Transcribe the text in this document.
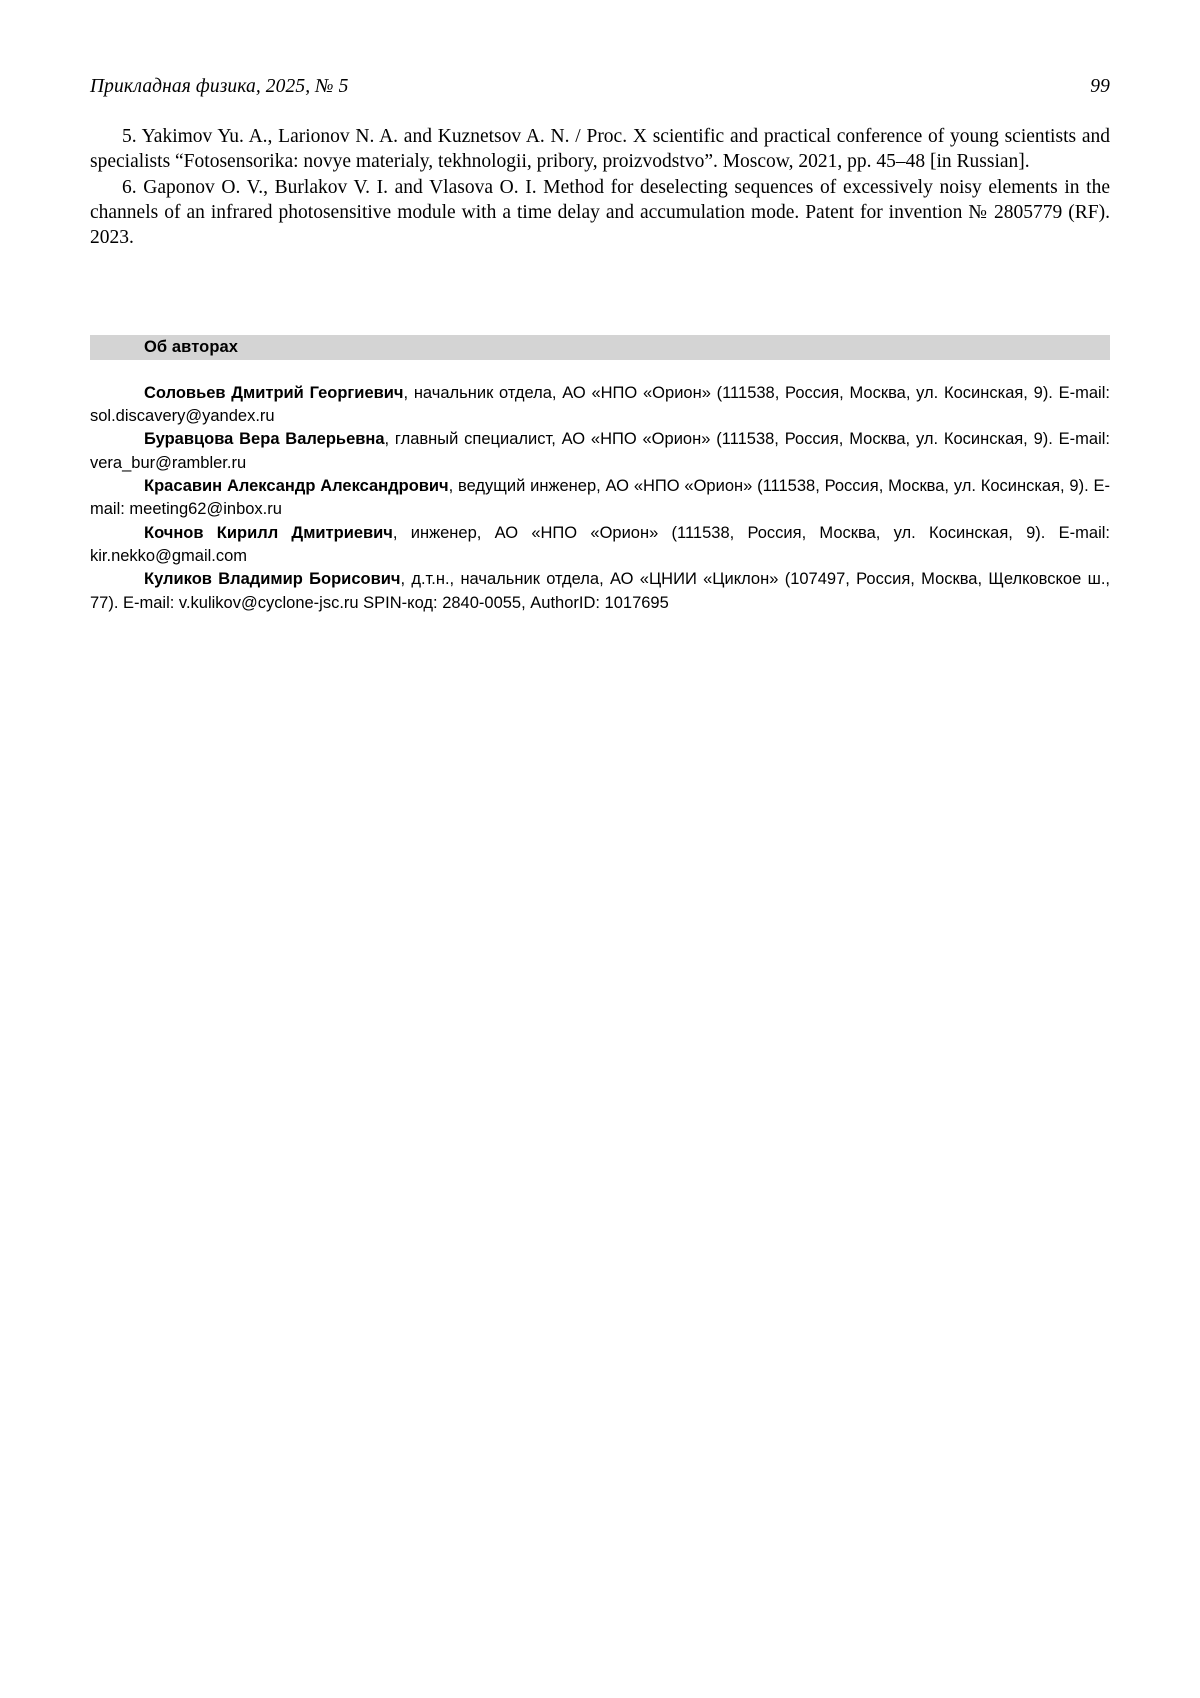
Прикладная физика, 2025, № 5	99

5. Yakimov Yu. A., Larionov N. A. and Kuznetsov A. N. / Proc. X scientific and practical conference of young scientists and specialists “Fotosensorika: novye materialy, tekhnologii, pribory, proizvodstvo”. Moscow, 2021, pp. 45–48 [in Russian].

6. Gaponov O. V., Burlakov V. I. and Vlasova O. I. Method for deselecting sequences of excessively noisy elements in the channels of an infrared photosensitive module with a time delay and accumulation mode. Patent for invention № 2805779 (RF). 2023.

Об авторах

Соловьев Дмитрий Георгиевич, начальник отдела, АО «НПО «Орион» (111538, Россия, Москва, ул. Косинская, 9). E-mail: sol.discavery@yandex.ru

Буравцова Вера Валерьевна, главный специалист, АО «НПО «Орион» (111538, Россия, Москва, ул. Косинская, 9). E-mail: vera_bur@rambler.ru

Красавин Александр Александрович, ведущий инженер, АО «НПО «Орион» (111538, Россия, Москва, ул. Косинская, 9). E-mail: meeting62@inbox.ru

Кочнов Кирилл Дмитриевич, инженер, АО «НПО «Орион» (111538, Россия, Москва, ул. Косинская, 9). E-mail: kir.nekko@gmail.com

Куликов Владимир Борисович, д.т.н., начальник отдела, АО «ЦНИИ «Циклон» (107497, Россия, Москва, Щелковское ш., 77). E-mail: v.kulikov@cyclone-jsc.ru SPIN-код: 2840-0055, AuthorID: 1017695
